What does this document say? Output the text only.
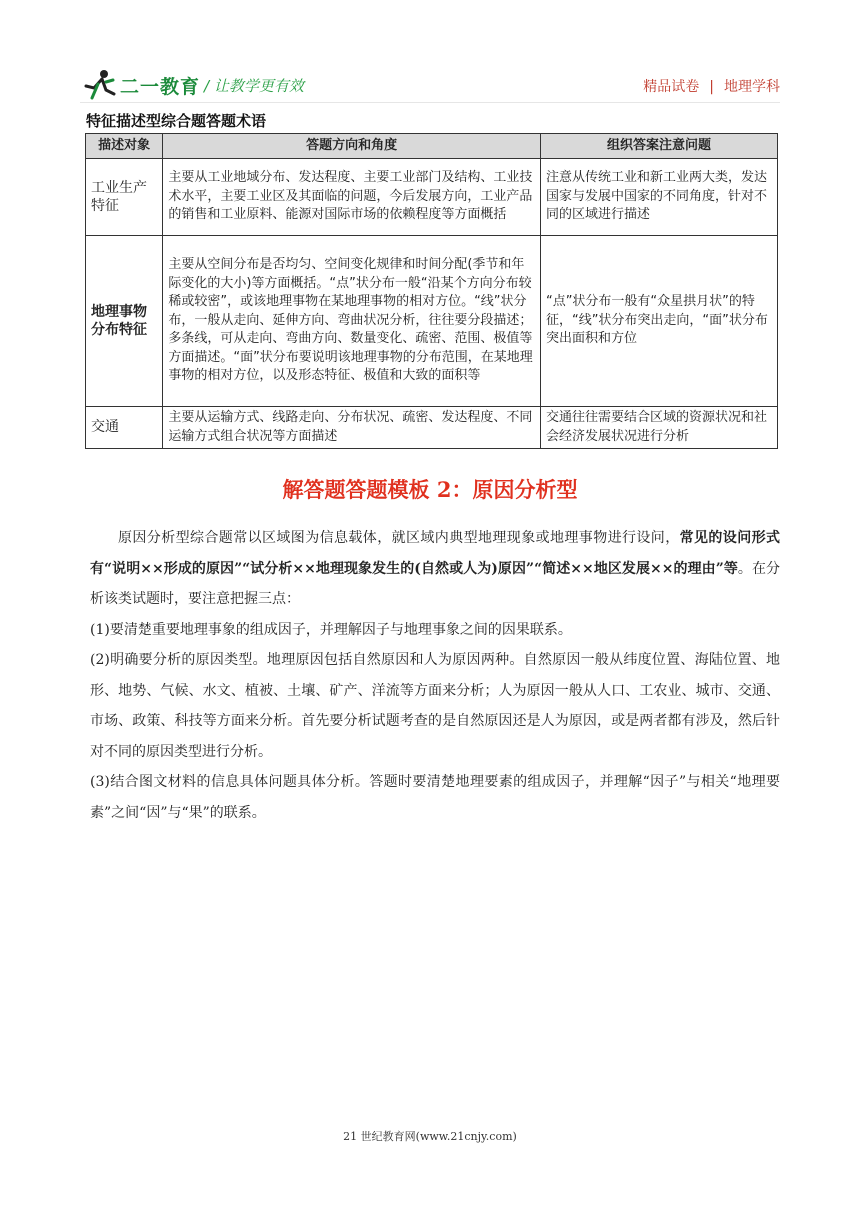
二一教育 / 让教学更有效	精品试卷 | 地理学科
特征描述型综合题答题术语
描述对象	答题方向和角度	组织答案注意问题
工业生产特征	主要从工业地域分布、发达程度、主要工业部门及结构、工业技术水平，主要工业区及其面临的问题，今后发展方向，工业产品的销售和工业原料、能源对国际市场的依赖程度等方面概括	注意从传统工业和新工业两大类，发达国家与发展中国家的不同角度，针对不同的区域进行描述
地理事物分布特征	主要从空间分布是否均匀、空间变化规律和时间分配(季节和年际变化的大小)等方面概括。“点”状分布一般“沿某个方向分布较稀或较密”，或该地理事物在某地理事物的相对方位。“线”状分布，一般从走向、延伸方向、弯曲状况分析，往往要分段描述；多条线，可从走向、弯曲方向、数量变化、疏密、范围、极值等方面描述。“面”状分布要说明该地理事物的分布范围，在某地理事物的相对方位，以及形态特征、极值和大致的面积等	“点”状分布一般有“众星拱月状”的特征，“线”状分布突出走向，“面”状分布突出面积和方位
交通	主要从运输方式、线路走向、分布状况、疏密、发达程度、不同运输方式组合状况等方面描述	交通往往需要结合区域的资源状况和社会经济发展状况进行分析
解答题答题模板 2：原因分析型

原因分析型综合题常以区域图为信息载体，就区域内典型地理现象或地理事物进行设问，常见的设问形式有“说明××形成的原因”“试分析××地理现象发生的(自然或人为)原因”“简述××地区发展××的理由”等。在分析该类试题时，要注意把握三点：

(1)要清楚重要地理事象的组成因子，并理解因子与地理事象之间的因果联系。

(2)明确要分析的原因类型。地理原因包括自然原因和人为原因两种。自然原因一般从纬度位置、海陆位置、地形、地势、气候、水文、植被、土壤、矿产、洋流等方面来分析；人为原因一般从人口、工农业、城市、交通、市场、政策、科技等方面来分析。首先要分析试题考查的是自然原因还是人为原因，或是两者都有涉及，然后针对不同的原因类型进行分析。

(3)结合图文材料的信息具体问题具体分析。答题时要清楚地理要素的组成因子，并理解“因子”与相关“地理要素”之间“因”与“果”的联系。

21 世纪教育网(www.21cnjy.com)
